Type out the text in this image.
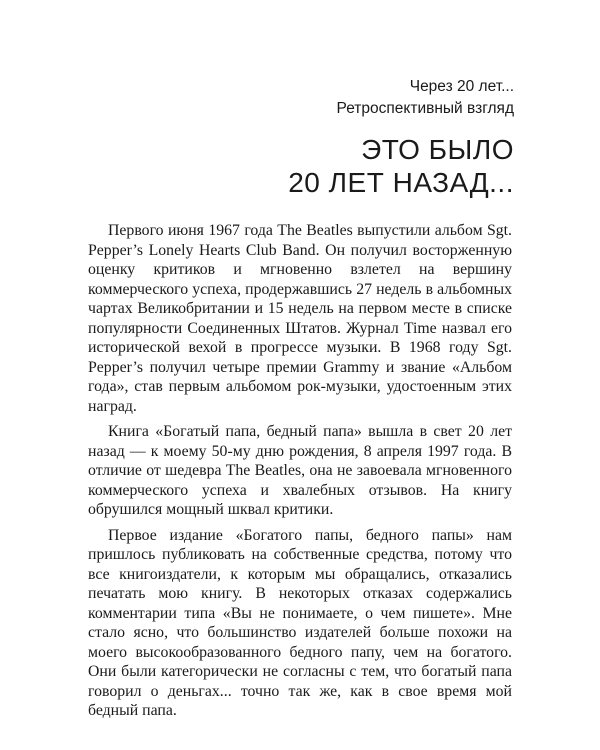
Через 20 лет...
Ретроспективный взгляд
ЭТО БЫЛО
20 ЛЕТ НАЗАД...

Первого июня 1967 года The Beatles выпустили альбом Sgt. Pepper’s Lonely Hearts Club Band. Он получил восторженную оценку критиков и мгновенно взлетел на вершину коммерческого успеха, продержавшись 27 недель в альбомных чартах Великобритании и 15 недель на первом месте в списке популярности Соединенных Штатов. Журнал Time назвал его исторической вехой в прогрессе музыки. В 1968 году Sgt. Pepper’s получил четыре премии Grammy и звание «Альбом года», став первым альбомом рок-музыки, удостоенным этих наград.

Книга «Богатый папа, бедный папа» вышла в свет 20 лет назад — к моему 50-му дню рождения, 8 апреля 1997 года. В отличие от шедевра The Beatles, она не завоевала мгновенного коммерческого успеха и хвалебных отзывов. На книгу обрушился мощный шквал критики.

Первое издание «Богатого папы, бедного папы» нам пришлось публиковать на собственные средства, потому что все книгоиздатели, к которым мы обращались, отказались печатать мою книгу. В некоторых отказах содержались комментарии типа «Вы не понимаете, о чем пишете». Мне стало ясно, что большинство издателей больше похожи на моего высокообразованного бедного папу, чем на богатого. Они были категорически не согласны с тем, что богатый папа говорил о деньгах... точно так же, как в свое время мой бедный папа.
